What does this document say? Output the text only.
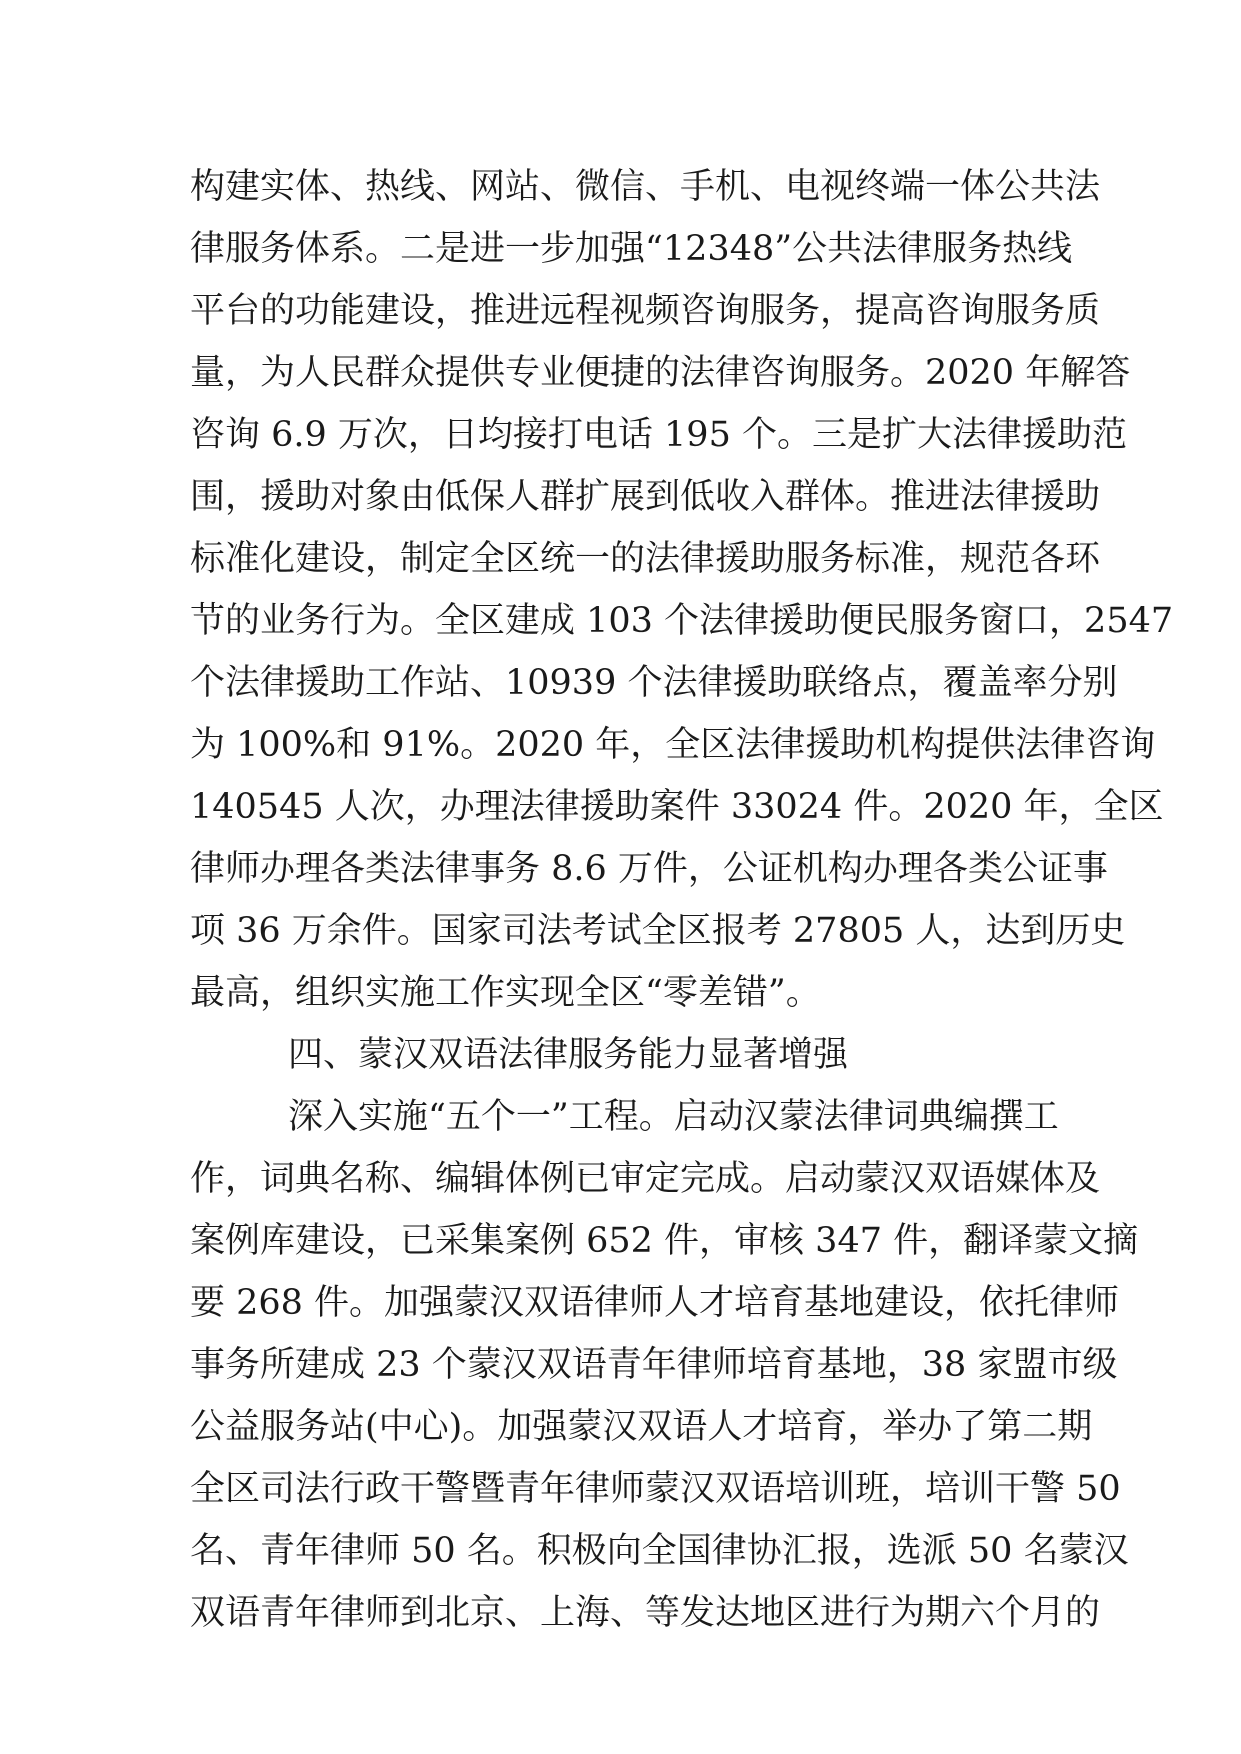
构建实体、热线、网站、微信、手机、电视终端一体公共法
律服务体系。二是进一步加强“12348”公共法律服务热线
平台的功能建设，推进远程视频咨询服务，提高咨询服务质
量，为人民群众提供专业便捷的法律咨询服务。2020 年解答
咨询 6.9 万次，日均接打电话 195 个。三是扩大法律援助范
围，援助对象由低保人群扩展到低收入群体。推进法律援助
标准化建设，制定全区统一的法律援助服务标准，规范各环
节的业务行为。全区建成 103 个法律援助便民服务窗口，2547
个法律援助工作站、10939 个法律援助联络点，覆盖率分别
为 100%和 91%。2020 年，全区法律援助机构提供法律咨询
140545 人次，办理法律援助案件 33024 件。2020 年，全区
律师办理各类法律事务 8.6 万件，公证机构办理各类公证事
项 36 万余件。国家司法考试全区报考 27805 人，达到历史
最高，组织实施工作实现全区“零差错”。
四、蒙汉双语法律服务能力显著增强
深入实施“五个一”工程。启动汉蒙法律词典编撰工
作，词典名称、编辑体例已审定完成。启动蒙汉双语媒体及
案例库建设，已采集案例 652 件，审核 347 件，翻译蒙文摘
要 268 件。加强蒙汉双语律师人才培育基地建设，依托律师
事务所建成 23 个蒙汉双语青年律师培育基地，38 家盟市级
公益服务站(中心)。加强蒙汉双语人才培育，举办了第二期
全区司法行政干警暨青年律师蒙汉双语培训班，培训干警 50
名、青年律师 50 名。积极向全国律协汇报，选派 50 名蒙汉
双语青年律师到北京、上海、等发达地区进行为期六个月的
